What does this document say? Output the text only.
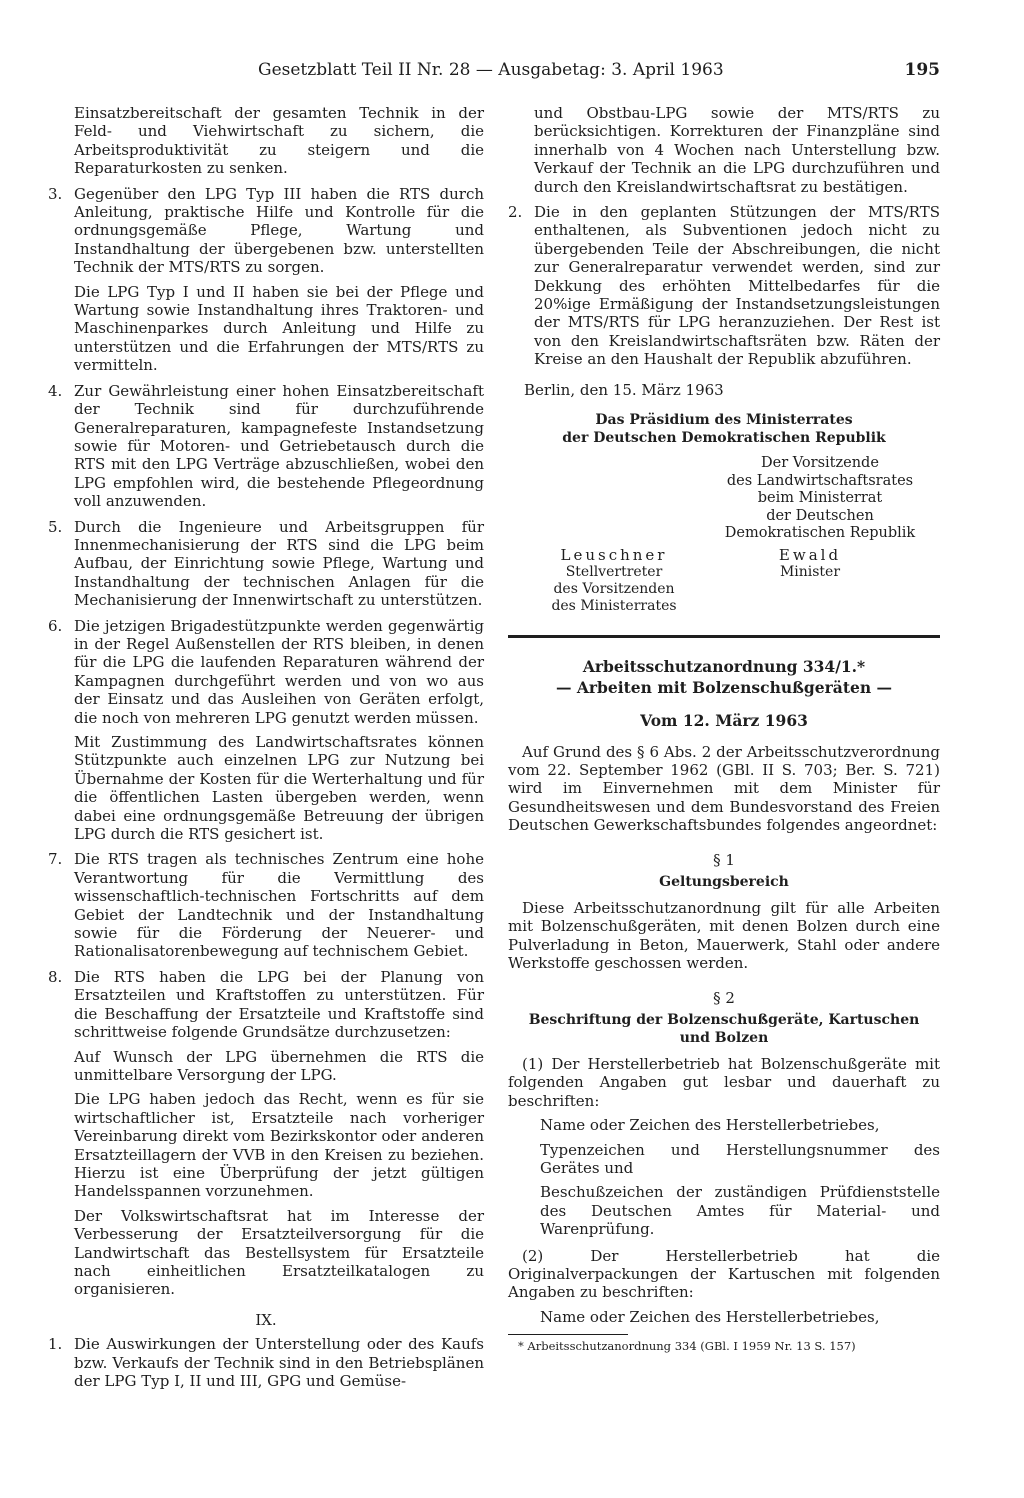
Gesetzblatt Teil II Nr. 28 — Ausgabetag: 3. April 1963	195

Einsatzbereitschaft der gesamten Technik in der Feld- und Viehwirtschaft zu sichern, die Arbeitsproduktivität zu steigern und die Reparaturkosten zu senken.

3. Gegenüber den LPG Typ III haben die RTS durch Anleitung, praktische Hilfe und Kontrolle für die ordnungsgemäße Pflege, Wartung und Instandhaltung der übergebenen bzw. unterstellten Technik der MTS/RTS zu sorgen.

Die LPG Typ I und II haben sie bei der Pflege und Wartung sowie Instandhaltung ihres Traktoren- und Maschinenparkes durch Anleitung und Hilfe zu unterstützen und die Erfahrungen der MTS/RTS zu vermitteln.

4. Zur Gewährleistung einer hohen Einsatzbereitschaft der Technik sind für durchzuführende Generalreparaturen, kampagnefeste Instandsetzung sowie für Motoren- und Getriebetausch durch die RTS mit den LPG Verträge abzuschließen, wobei den LPG empfohlen wird, die bestehende Pflegeordnung voll anzuwenden.

5. Durch die Ingenieure und Arbeitsgruppen für Innenmechanisierung der RTS sind die LPG beim Aufbau, der Einrichtung sowie Pflege, Wartung und Instandhaltung der technischen Anlagen für die Mechanisierung der Innenwirtschaft zu unterstützen.

6. Die jetzigen Brigadestützpunkte werden gegenwärtig in der Regel Außenstellen der RTS bleiben, in denen für die LPG die laufenden Reparaturen während der Kampagnen durchgeführt werden und von wo aus der Einsatz und das Ausleihen von Geräten erfolgt, die noch von mehreren LPG genutzt werden müssen.

Mit Zustimmung des Landwirtschaftsrates können Stützpunkte auch einzelnen LPG zur Nutzung bei Übernahme der Kosten für die Werterhaltung und für die öffentlichen Lasten übergeben werden, wenn dabei eine ordnungsgemäße Betreuung der übrigen LPG durch die RTS gesichert ist.

7. Die RTS tragen als technisches Zentrum eine hohe Verantwortung für die Vermittlung des wissenschaftlich-technischen Fortschritts auf dem Gebiet der Landtechnik und der Instandhaltung sowie für die Förderung der Neuerer- und Rationalisatorenbewegung auf technischem Gebiet.

8. Die RTS haben die LPG bei der Planung von Ersatzteilen und Kraftstoffen zu unterstützen. Für die Beschaffung der Ersatzteile und Kraftstoffe sind schrittweise folgende Grundsätze durchzusetzen:

Auf Wunsch der LPG übernehmen die RTS die unmittelbare Versorgung der LPG.

Die LPG haben jedoch das Recht, wenn es für sie wirtschaftlicher ist, Ersatzteile nach vorheriger Vereinbarung direkt vom Bezirkskontor oder anderen Ersatzteillagern der VVB in den Kreisen zu beziehen. Hierzu ist eine Überprüfung der jetzt gültigen Handelsspannen vorzunehmen.

Der Volkswirtschaftsrat hat im Interesse der Verbesserung der Ersatzteilversorgung für die Landwirtschaft das Bestellsystem für Ersatzteile nach einheitlichen Ersatzteilkatalogen zu organisieren.

IX.

1. Die Auswirkungen der Unterstellung oder des Kaufs bzw. Verkaufs der Technik sind in den Betriebsplänen der LPG Typ I, II und III, GPG und Gemüse-

und Obstbau-LPG sowie der MTS/RTS zu berücksichtigen. Korrekturen der Finanzpläne sind innerhalb von 4 Wochen nach Unterstellung bzw. Verkauf der Technik an die LPG durchzuführen und durch den Kreislandwirtschaftsrat zu bestätigen.

2. Die in den geplanten Stützungen der MTS/RTS enthaltenen, als Subventionen jedoch nicht zu übergebenden Teile der Abschreibungen, die nicht zur Generalreparatur verwendet werden, sind zur Dekkung des erhöhten Mittelbedarfes für die 20%ige Ermäßigung der Instandsetzungsleistungen der MTS/RTS für LPG heranzuziehen. Der Rest ist von den Kreislandwirtschaftsräten bzw. Räten der Kreise an den Haushalt der Republik abzuführen.

Berlin, den 15. März 1963

Das Präsidium des Ministerrates
der Deutschen Demokratischen Republik
Der Vorsitzende
des Landwirtschaftsrates
beim Ministerrat
der Deutschen
Demokratischen Republik
Leuschner
Stellvertreter
des Vorsitzenden
des Ministerrates
Ewald
Minister
Arbeitsschutzanordnung 334/1.*
— Arbeiten mit Bolzenschußgeräten —
Vom 12. März 1963

Auf Grund des § 6 Abs. 2 der Arbeitsschutzverordnung vom 22. September 1962 (GBl. II S. 703; Ber. S. 721) wird im Einvernehmen mit dem Minister für Gesundheitswesen und dem Bundesvorstand des Freien Deutschen Gewerkschaftsbundes folgendes angeordnet:

§ 1
Geltungsbereich

Diese Arbeitsschutzanordnung gilt für alle Arbeiten mit Bolzenschußgeräten, mit denen Bolzen durch eine Pulverladung in Beton, Mauerwerk, Stahl oder andere Werkstoffe geschossen werden.

§ 2
Beschriftung der Bolzenschußgeräte, Kartuschen
und Bolzen

(1) Der Herstellerbetrieb hat Bolzenschußgeräte mit folgenden Angaben gut lesbar und dauerhaft zu beschriften:

Name oder Zeichen des Herstellerbetriebes,

Typenzeichen und Herstellungsnummer des Gerätes und

Beschußzeichen der zuständigen Prüfdienststelle des Deutschen Amtes für Material- und Warenprüfung.

(2) Der Herstellerbetrieb hat die Originalverpackungen der Kartuschen mit folgenden Angaben zu beschriften:

Name oder Zeichen des Herstellerbetriebes,

* Arbeitsschutzanordnung 334 (GBl. I 1959 Nr. 13 S. 157)
